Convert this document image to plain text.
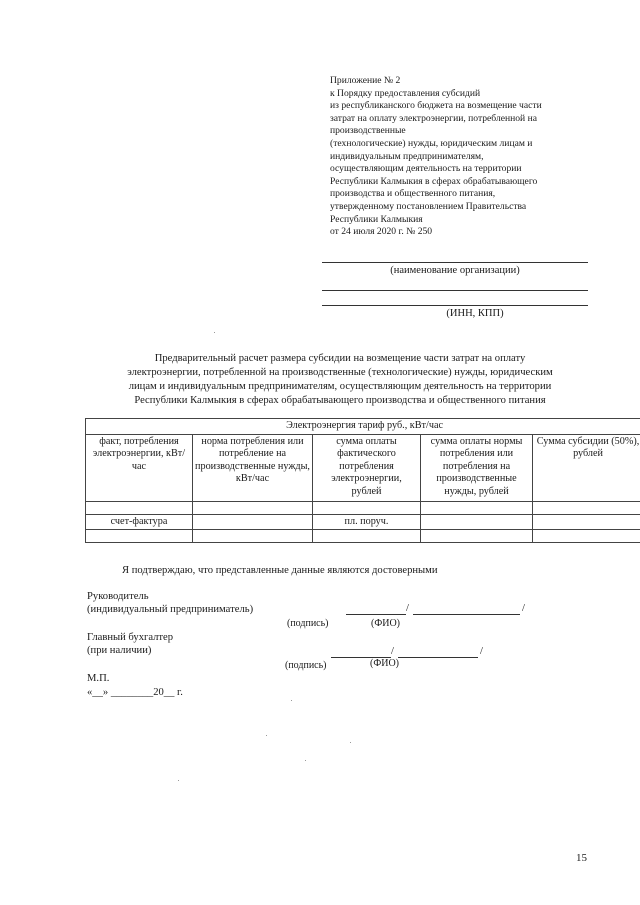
Приложение № 2
к Порядку предоставления субсидий
из республиканского бюджета на возмещение части
затрат на оплату электроэнергии, потребленной на
производственные
(технологические) нужды, юридическим лицам и
индивидуальным предпринимателям,
осуществляющим деятельность на территории
Республики Калмыкия в сферах обрабатывающего
производства и общественного питания,
утвержденному постановлением Правительства
Республики Калмыкия
от 24 июля 2020 г. № 250
(наименование организации)
(ИНН, КПП)
Предварительный расчет размера субсидии на возмещение части затрат на оплату
электроэнергии, потребленной на производственные (технологические) нужды, юридическим
лицам и индивидуальным предпринимателям, осуществляющим деятельность на территории
Республики Калмыкия в сферах обрабатывающего производства и общественного питания
Электроэнергия тариф руб., кВт/час				
факт, потребления электроэнергии, кВт/час	норма потребления или потребление на производственные нужды, кВт/час	сумма оплаты фактического потребления электроэнергии, рублей	сумма оплаты нормы потребления или потребления на производственные нужды, рублей	Сумма субсидии (50%), рублей

счет-фактура		пл. поруч.		

Я подтверждаю, что представленные данные являются достоверными
Руководитель
(индивидуальный предприниматель)	/	/
(подпись)	(ФИО)
Главный бухгалтер
(при наличии)	/	/
(подпись)	(ФИО)
М.П.
«__» ________20__ г.
15
